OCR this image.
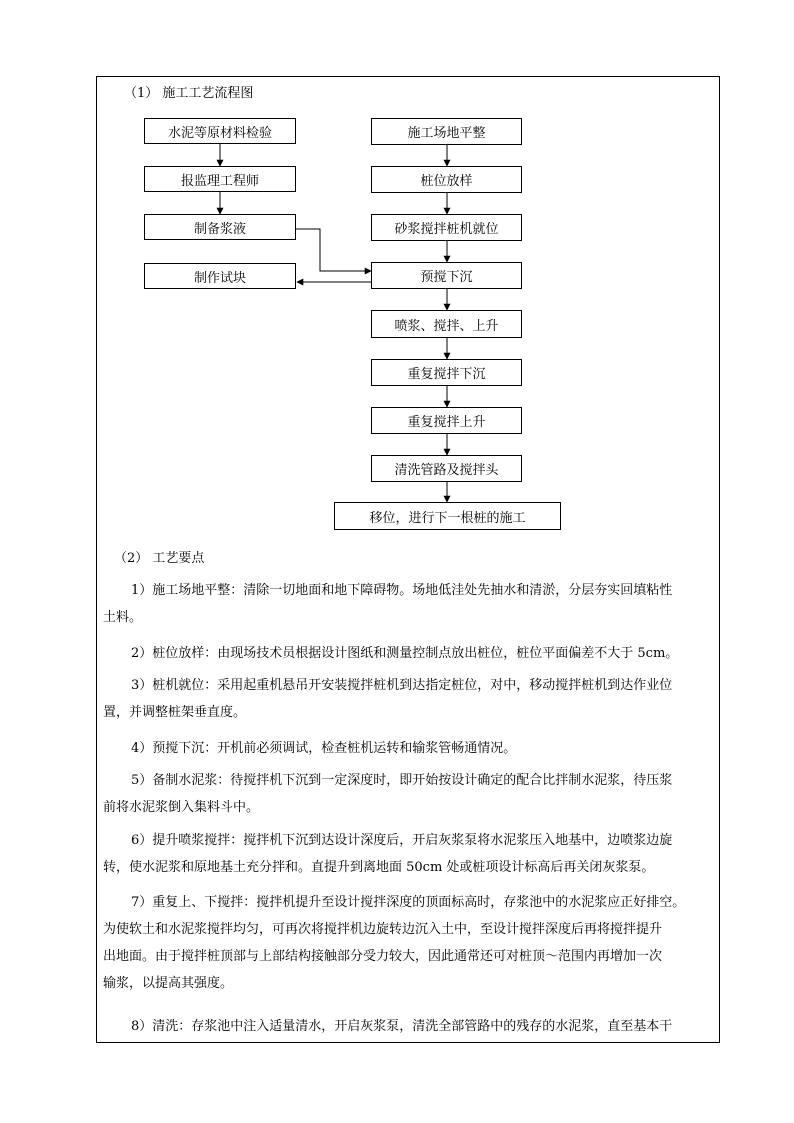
（1） 施工工艺流程图
水泥等原材料检验
报监理工程师
制备浆液
制作试块
施工场地平整
桩位放样
砂浆搅拌桩机就位
预搅下沉
喷浆、搅拌、上升
重复搅拌下沉
重复搅拌上升
清洗管路及搅拌头
移位，进行下一根桩的施工
（2） 工艺要点
1）施工场地平整：清除一切地面和地下障碍物。场地低洼处先抽水和清淤，分层夯实回填粘性
土料。
2）桩位放样：由现场技术员根据设计图纸和测量控制点放出桩位，桩位平面偏差不大于 5cm。
3）桩机就位：采用起重机悬吊开安装搅拌桩机到达指定桩位，对中，移动搅拌桩机到达作业位
置，并调整桩架垂直度。
4）预搅下沉：开机前必须调试，检查桩机运转和输浆管畅通情况。
5）备制水泥浆：待搅拌机下沉到一定深度时，即开始按设计确定的配合比拌制水泥浆，待压浆
前将水泥浆倒入集料斗中。
6）提升喷浆搅拌：搅拌机下沉到达设计深度后，开启灰浆泵将水泥浆压入地基中，边喷浆边旋
转，使水泥浆和原地基土充分拌和。直提升到离地面 50cm 处或桩项设计标高后再关闭灰浆泵。
7）重复上、下搅拌：搅拌机提升至设计搅拌深度的顶面标高时，存浆池中的水泥浆应正好排空。
为使软土和水泥浆搅拌均匀，可再次将搅拌机边旋转边沉入土中，至设计搅拌深度后再将搅拌提升
出地面。由于搅拌桩顶部与上部结构接触部分受力较大，因此通常还可对桩顶～范围内再增加一次
输浆，以提高其强度。
8）清洗：存浆池中注入适量清水，开启灰浆泵，清洗全部管路中的残存的水泥浆，直至基本干
